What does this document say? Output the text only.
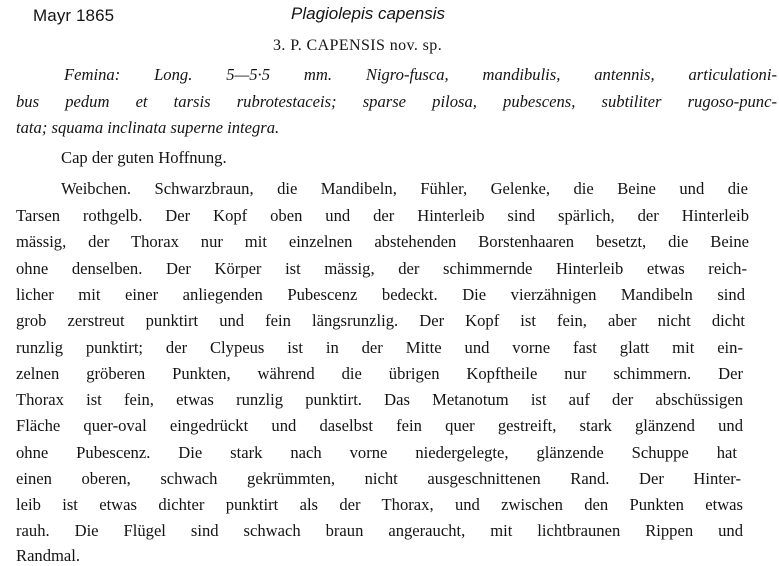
Mayr 1865	Plagiolepis capensis
3. P. CAPENSIS nov. sp.
Femina: Long. 5—5·5 mm. Nigro-fusca, mandibulis, antennis, articulationi-
bus pedum et tarsis rubrotestaceis; sparse pilosa, pubescens, subtiliter rugoso-punc-
tata; squama inclinata superne integra.
Cap der guten Hoffnung.
Weibchen. Schwarzbraun, die Mandibeln, Fühler, Gelenke, die Beine und die
Tarsen rothgelb. Der Kopf oben und der Hinterleib sind spärlich, der Hinterleib
mässig, der Thorax nur mit einzelnen abstehenden Borstenhaaren besetzt, die Beine
ohne denselben. Der Körper ist mässig, der schimmernde Hinterleib etwas reich-
licher mit einer anliegenden Pubescenz bedeckt. Die vierzähnigen Mandibeln sind
grob zerstreut punktirt und fein längsrunzlig. Der Kopf ist fein, aber nicht dicht
runzlig punktirt; der Clypeus ist in der Mitte und vorne fast glatt mit ein-
zelnen gröberen Punkten, während die übrigen Kopftheile nur schimmern. Der
Thorax ist fein, etwas runzlig punktirt. Das Metanotum ist auf der abschüssigen
Fläche quer-oval eingedrückt und daselbst fein quer gestreift, stark glänzend und
ohne Pubescenz. Die stark nach vorne niedergelegte, glänzende Schuppe hat
einen oberen, schwach gekrümmten, nicht ausgeschnittenen Rand. Der Hinter-
leib ist etwas dichter punktirt als der Thorax, und zwischen den Punkten etwas
rauh. Die Flügel sind schwach braun angeraucht, mit lichtbraunen Rippen und
Randmal.
